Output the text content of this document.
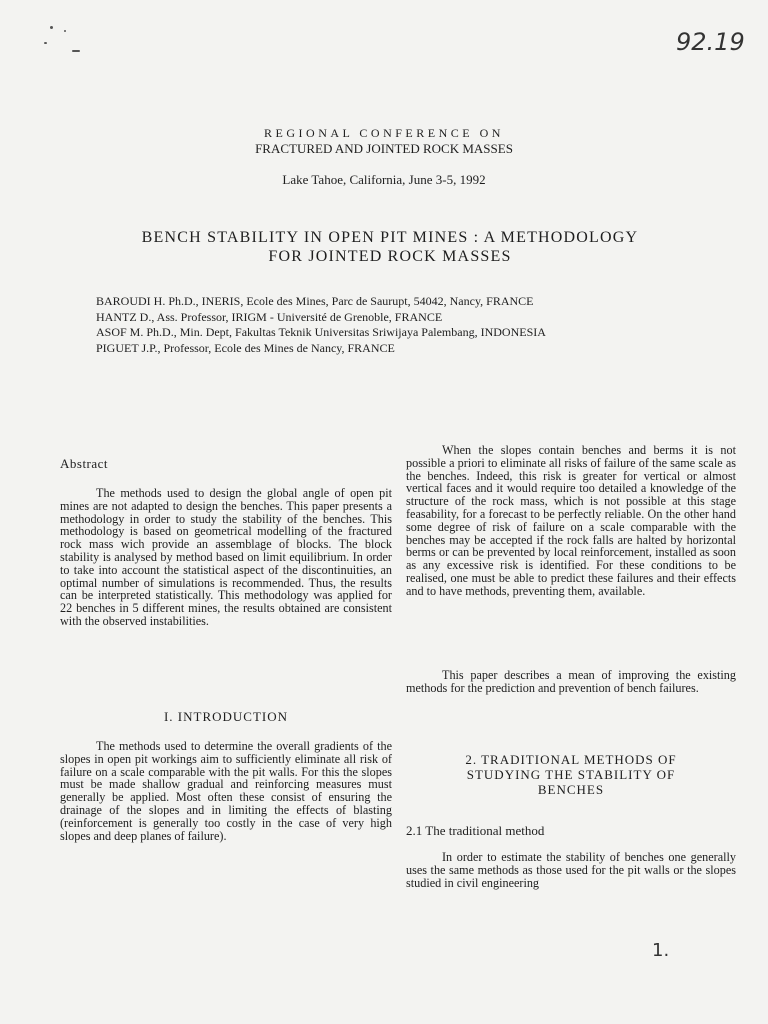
92.19
REGIONAL CONFERENCE ON
FRACTURED AND JOINTED ROCK MASSES
Lake Tahoe, California, June 3-5, 1992
BENCH STABILITY IN OPEN PIT MINES : A METHODOLOGY
FOR JOINTED ROCK MASSES
BAROUDI H. Ph.D., INERIS, Ecole des Mines, Parc de Saurupt, 54042, Nancy, FRANCE
HANTZ D., Ass. Professor, IRIGM - Université de Grenoble, FRANCE
ASOF M. Ph.D., Min. Dept, Fakultas Teknik Universitas Sriwijaya Palembang, INDONESIA
PIGUET J.P., Professor, Ecole des Mines de Nancy, FRANCE
Abstract

The methods used to design the global angle of open pit mines are not adapted to design the benches. This paper presents a methodology in order to study the stability of the benches. This methodology is based on geometrical modelling of the fractured rock mass wich provide an assemblage of blocks. The block stability is analysed by method based on limit equilibrium. In order to take into account the statistical aspect of the discontinuities, an optimal number of simulations is recommended. Thus, the results can be interpreted statistically. This methodology was applied for 22 benches in 5 different mines, the results obtained are consistent with the observed instabilities.

I. INTRODUCTION

The methods used to determine the overall gradients of the slopes in open pit workings aim to sufficiently eliminate all risk of failure on a scale comparable with the pit walls. For this the slopes must be made shallow gradual and reinforcing measures must generally be applied. Most often these consist of ensuring the drainage of the slopes and in limiting the effects of blasting (reinforcement is generally too costly in the case of very high slopes and deep planes of failure).

When the slopes contain benches and berms it is not possible a priori to eliminate all risks of failure of the same scale as the benches. Indeed, this risk is greater for vertical or almost vertical faces and it would require too detailed a knowledge of the structure of the rock mass, which is not possible at this stage feasability, for a forecast to be perfectly reliable. On the other hand some degree of risk of failure on a scale comparable with the benches may be accepted if the rock falls are halted by horizontal berms or can be prevented by local reinforcement, installed as soon as any excessive risk is identified. For these conditions to be realised, one must be able to predict these failures and their effects and to have methods, preventing them, available.

This paper describes a mean of improving the existing methods for the prediction and prevention of bench failures.

2. TRADITIONAL METHODS OF
STUDYING THE STABILITY OF
BENCHES
2.1 The traditional method

In order to estimate the stability of benches one generally uses the same methods as those used for the pit walls or the slopes studied in civil engineering

1.
